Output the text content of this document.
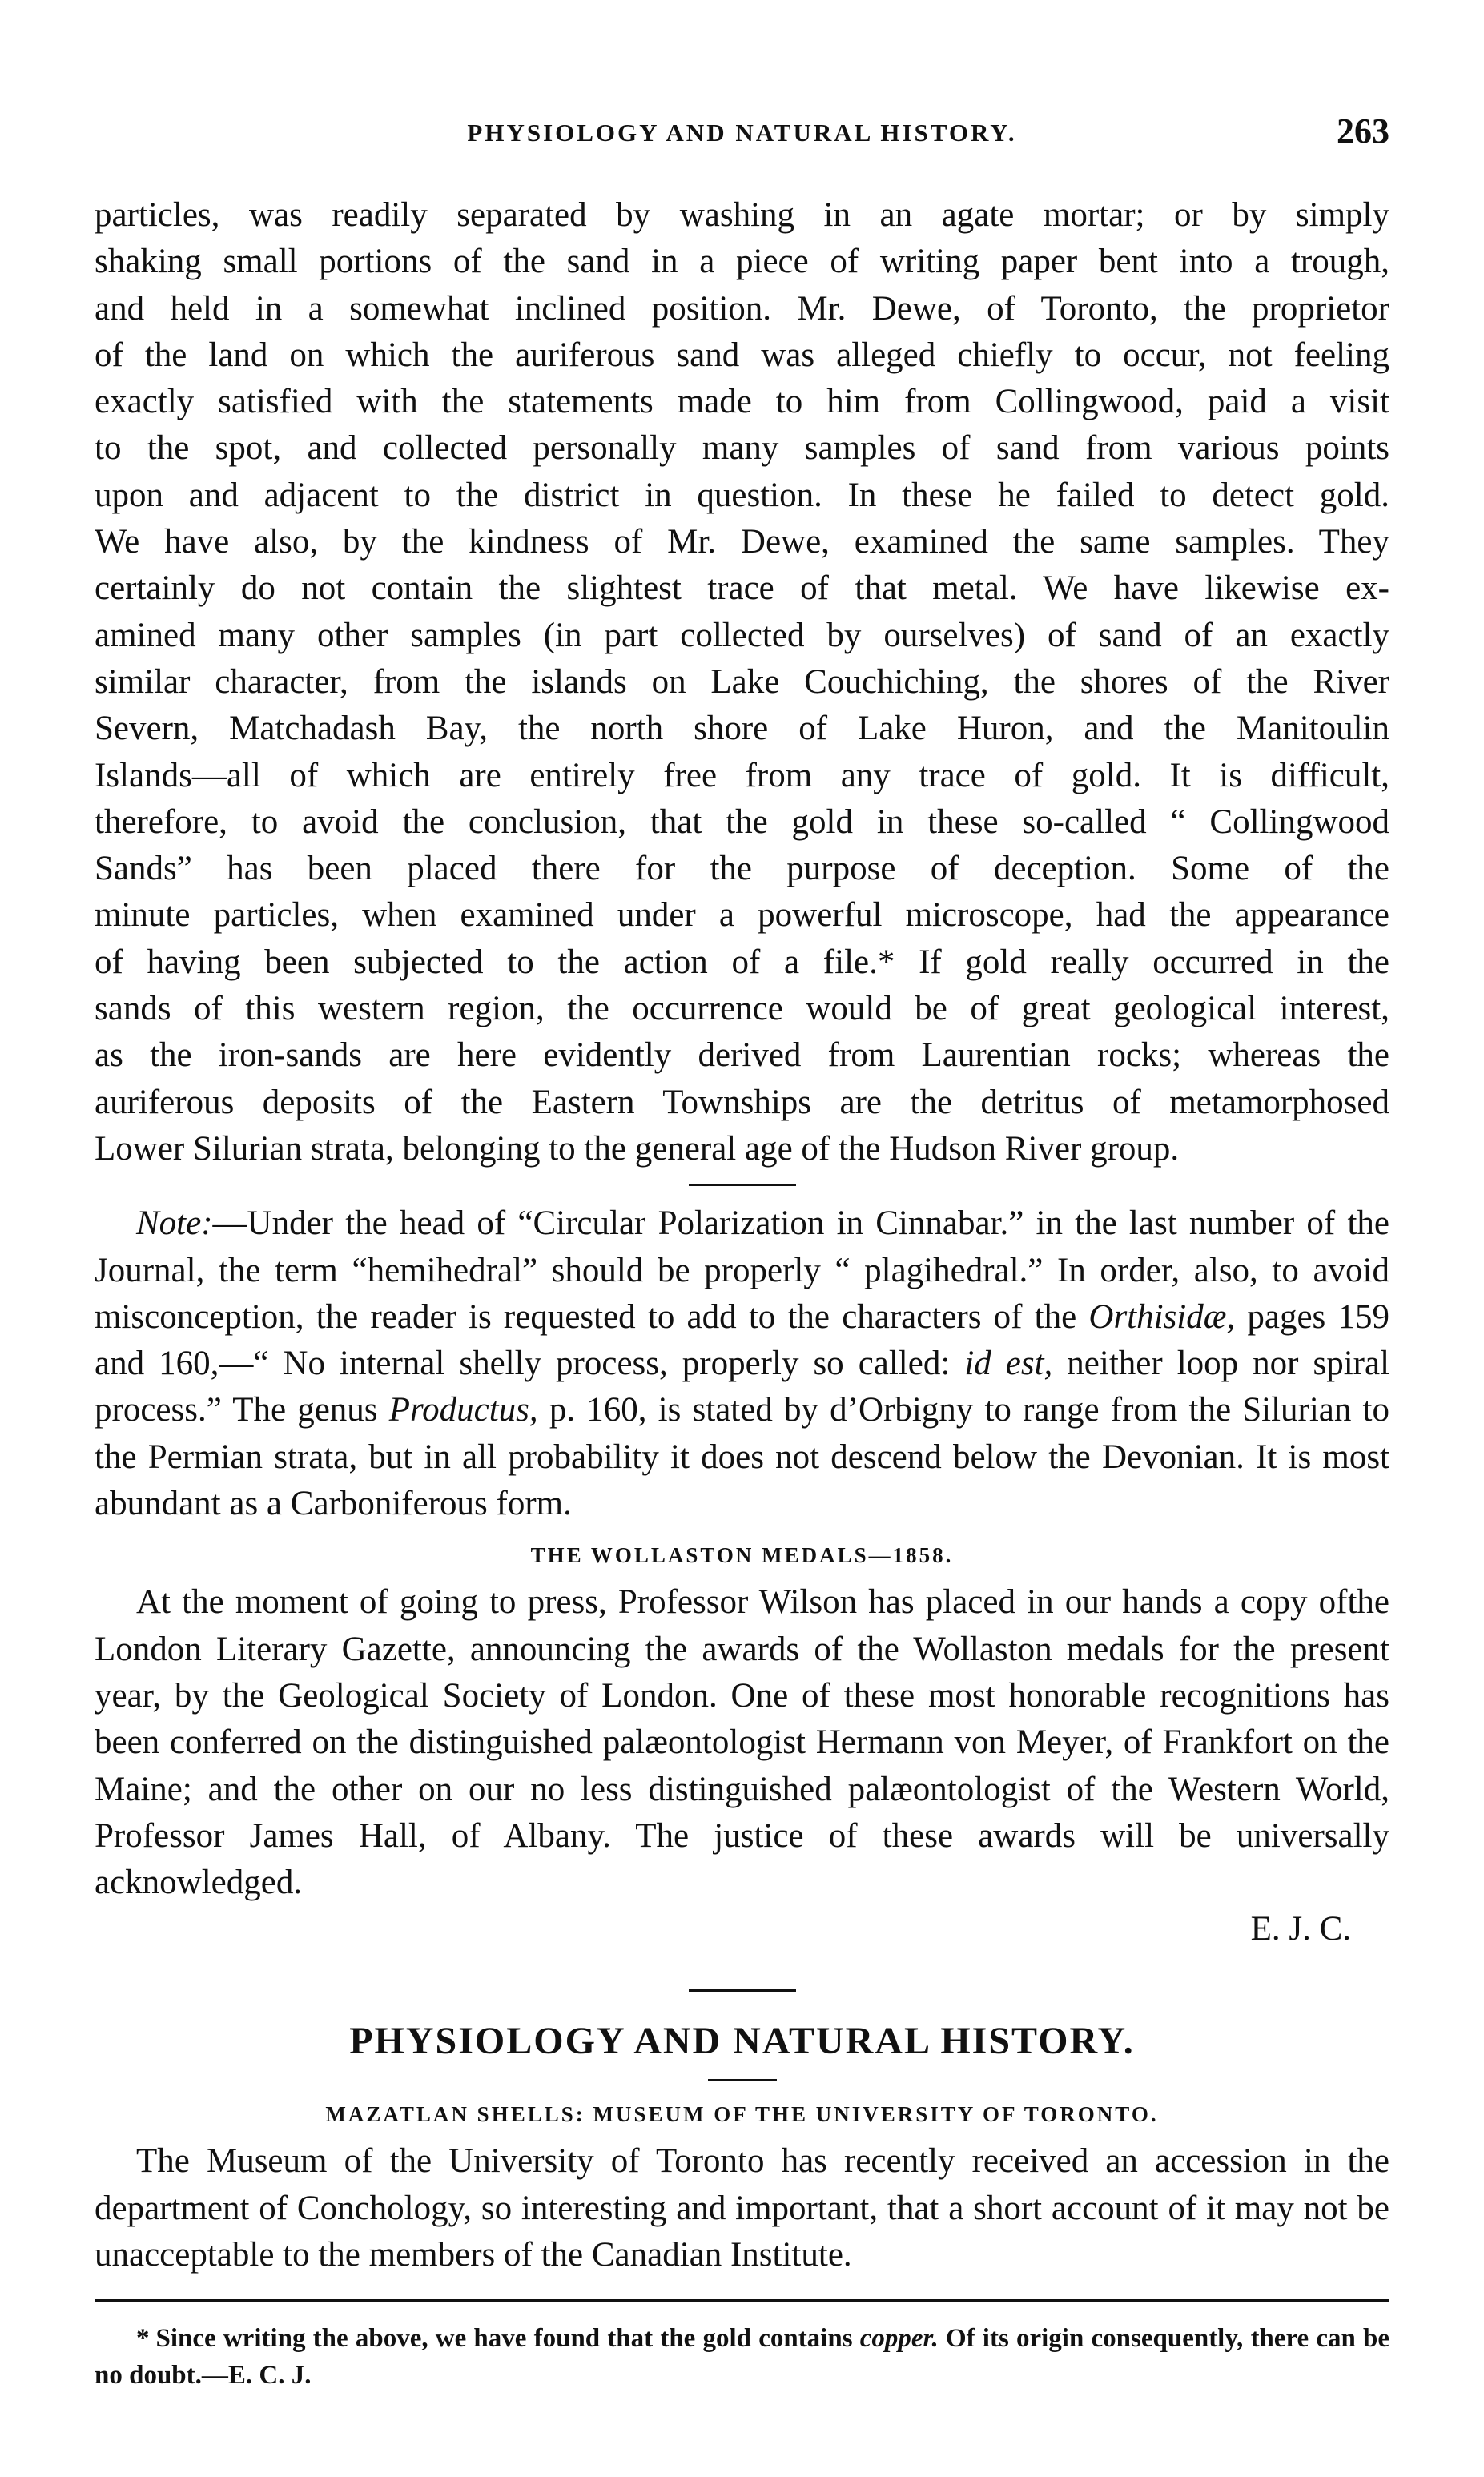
PHYSIOLOGY AND NATURAL HISTORY.	263
particles, was readily separated by washing in an agate mortar; or by simply
shaking small portions of the sand in a piece of writing paper bent into a trough,
and held in a somewhat inclined position. Mr. Dewe, of Toronto, the proprietor
of the land on which the auriferous sand was alleged chiefly to occur, not feeling
exactly satisfied with the statements made to him from Collingwood, paid a visit
to the spot, and collected personally many samples of sand from various points
upon and adjacent to the district in question. In these he failed to detect gold.
We have also, by the kindness of Mr. Dewe, examined the same samples. They
certainly do not contain the slightest trace of that metal. We have likewise ex-
amined many other samples (in part collected by ourselves) of sand of an exactly
similar character, from the islands on Lake Couchiching, the shores of the River
Severn, Matchadash Bay, the north shore of Lake Huron, and the Manitoulin
Islands—all of which are entirely free from any trace of gold. It is difficult,
therefore, to avoid the conclusion, that the gold in these so-called “ Collingwood
Sands” has been placed there for the purpose of deception. Some of the
minute particles, when examined under a powerful microscope, had the appearance
of having been subjected to the action of a file.* If gold really occurred in the
sands of this western region, the occurrence would be of great geological interest,
as the iron-sands are here evidently derived from Laurentian rocks; whereas the
auriferous deposits of the Eastern Townships are the detritus of metamorphosed
Lower Silurian strata, belonging to the general age of the Hudson River group.

Note:—Under the head of “Circular Polarization in Cinnabar.” in the last number of the Journal, the term “hemihedral” should be properly “ plagihedral.” In order, also, to avoid misconception, the reader is requested to add to the characters of the Orthisidæ, pages 159 and 160,—“ No internal shelly process, properly so called: id est, neither loop nor spiral process.” The genus Productus, p. 160, is stated by d’Orbigny to range from the Silurian to the Permian strata, but in all probability it does not descend below the Devonian. It is most abundant as a Carboniferous form.

THE WOLLASTON MEDALS—1858.

At the moment of going to press, Professor Wilson has placed in our hands a copy ofthe London Literary Gazette, announcing the awards of the Wollaston medals for the present year, by the Geological Society of London. One of these most honorable recognitions has been conferred on the distinguished palæontologist Hermann von Meyer, of Frankfort on the Maine; and the other on our no less distinguished palæontologist of the Western World, Professor James Hall, of Albany. The justice of these awards will be universally acknowledged.

E. J. C.
PHYSIOLOGY AND NATURAL HISTORY.
MAZATLAN SHELLS: MUSEUM OF THE UNIVERSITY OF TORONTO.

The Museum of the University of Toronto has recently received an accession in the department of Conchology, so interesting and important, that a short account of it may not be unacceptable to the members of the Canadian Institute.

* Since writing the above, we have found that the gold contains copper. Of its origin consequently, there can be no doubt.—E. C. J.
